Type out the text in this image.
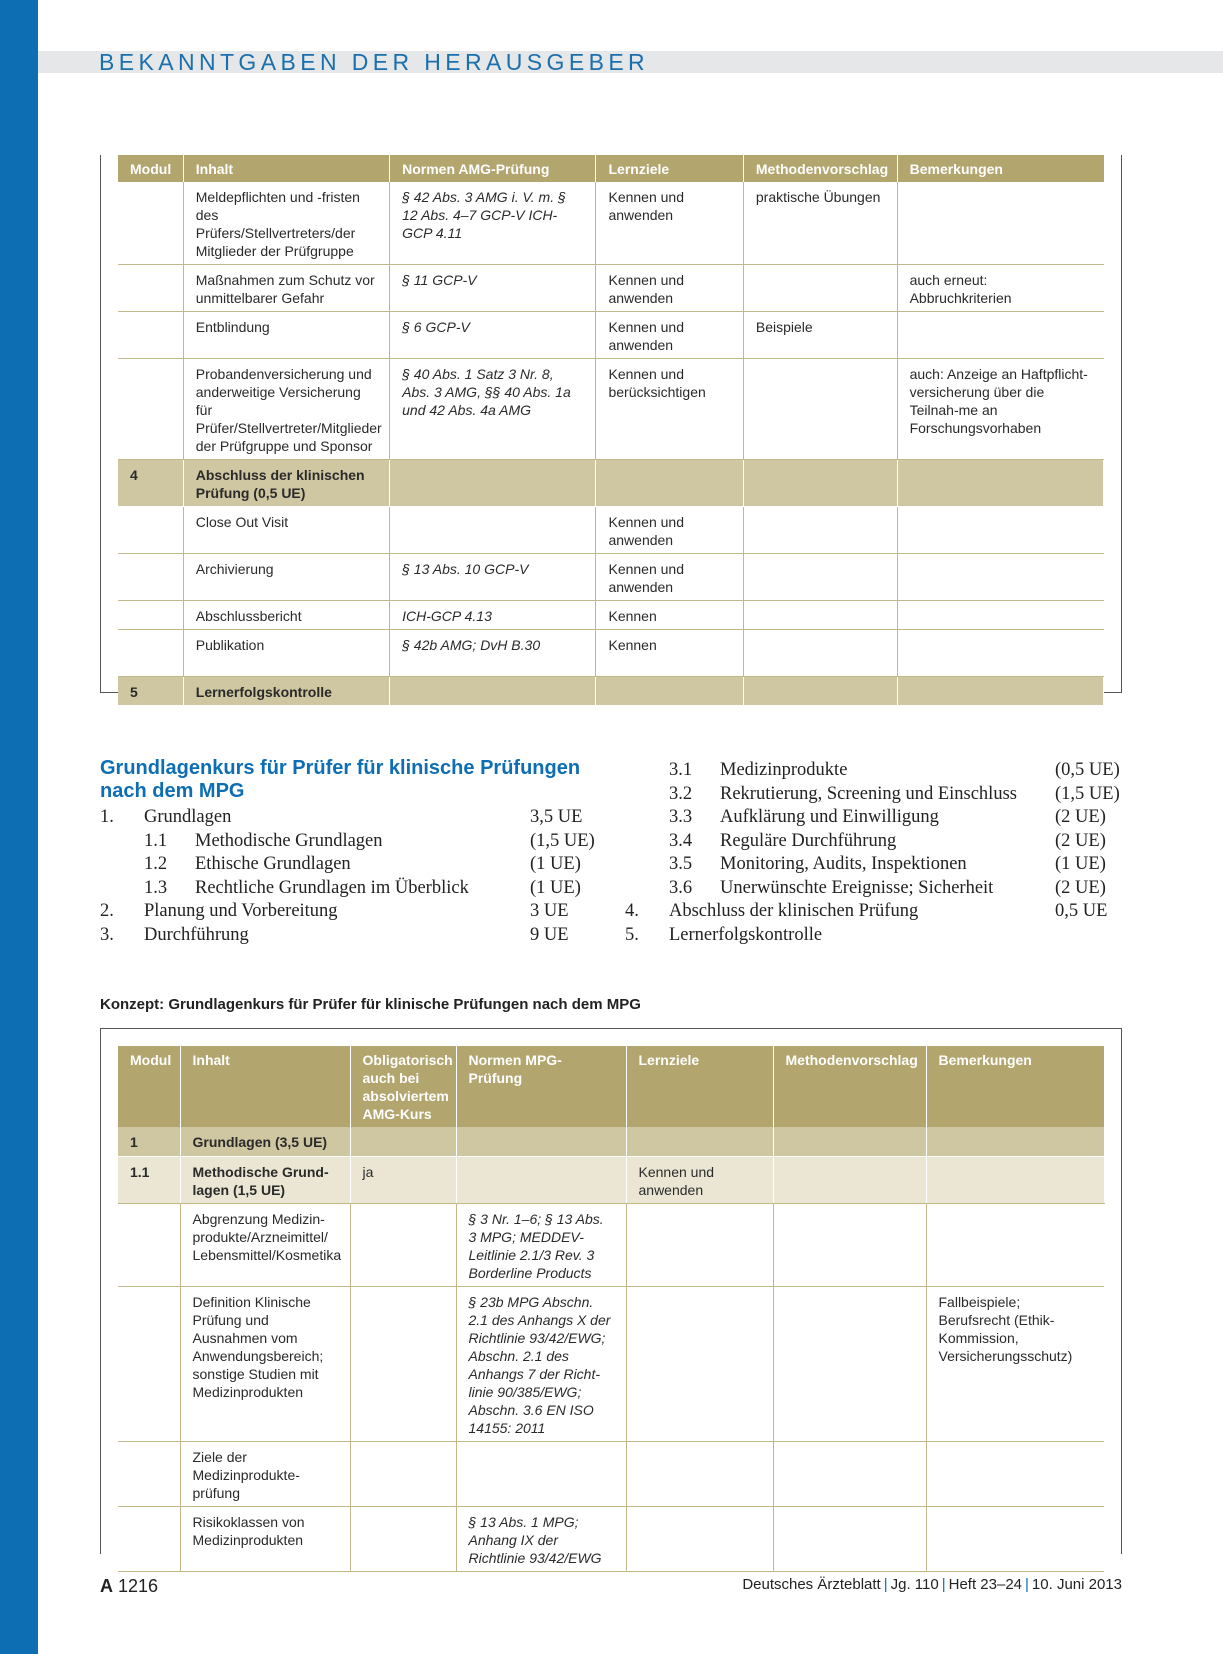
BEKANNTGABEN DER HERAUSGEBER
Modul	Inhalt	Normen AMG-Prüfung	Lernziele	Methodenvorschlag	Bemerkungen
	Meldepflichten und -fristen des Prüfers/Stellvertreters/der Mitglieder der Prüfgruppe	§ 42 Abs. 3 AMG i. V. m. § 12 Abs. 4–7 GCP-V ICH-GCP 4.11	Kennen und anwenden	praktische Übungen	
	Maßnahmen zum Schutz vor unmittelbarer Gefahr	§ 11 GCP-V	Kennen und anwenden		auch erneut: Abbruchkriterien
	Entblindung	§ 6 GCP-V	Kennen und anwenden	Beispiele	
	Probandenversicherung und anderweitige Versicherung für Prüfer/Stellvertreter/Mitglieder der Prüfgruppe und Sponsor	§ 40 Abs. 1 Satz 3 Nr. 8, Abs. 3 AMG, §§ 40 Abs. 1a und 42 Abs. 4a AMG	Kennen und berücksichtigen		auch: Anzeige an Haftpflicht-versicherung über die Teilnah-me an Forschungsvorhaben
4	Abschluss der klinischen Prüfung (0,5 UE)				
	Close Out Visit		Kennen und anwenden		
	Archivierung	§ 13 Abs. 10 GCP-V	Kennen und anwenden		
	Abschlussbericht	ICH-GCP 4.13	Kennen		
	Publikation	§ 42b AMG; DvH B.30	Kennen		
5	Lernerfolgskontrolle				
Grundlagenkurs für Prüfer für klinische Prüfungen
nach dem MPG
1. Grundlagen	3,5 UE
1.1 Methodische Grundlagen	(1,5 UE)
1.2 Ethische Grundlagen	(1 UE)
1.3 Rechtliche Grundlagen im Überblick	(1 UE)
2. Planung und Vorbereitung	3 UE
3. Durchführung	9 UE
3.1 Medizinprodukte	(0,5 UE)
3.2 Rekrutierung, Screening und Einschluss (1,5 UE)
3.3 Aufklärung und Einwilligung	(2 UE)
3.4 Reguläre Durchführung	(2 UE)
3.5 Monitoring, Audits, Inspektionen	(1 UE)
3.6 Unerwünschte Ereignisse; Sicherheit	(2 UE)
4. Abschluss der klinischen Prüfung	0,5 UE
5. Lernerfolgskontrolle
Konzept: Grundlagenkurs für Prüfer für klinische Prüfungen nach dem MPG
Modul	Inhalt	Obligatorisch auch bei absolviertem AMG-Kurs	Normen MPG-Prüfung	Lernziele	Methodenvorschlag	Bemerkungen
1	Grundlagen (3,5 UE)					
1.1	Methodische Grund-lagen (1,5 UE)	ja		Kennen und anwenden		
	Abgrenzung Medizin-produkte/Arzneimittel/ Lebensmittel/Kosmetika		§ 3 Nr. 1–6; § 13 Abs. 3 MPG; MEDDEV-Leitlinie 2.1/3 Rev. 3 Borderline Products			
	Definition Klinische Prüfung und Ausnahmen vom Anwendungsbereich; sonstige Studien mit Medizinprodukten		§ 23b MPG Abschn. 2.1 des Anhangs X der Richtlinie 93/42/EWG; Abschn. 2.1 des Anhangs 7 der Richt-linie 90/385/EWG; Abschn. 3.6 EN ISO 14155: 2011			Fallbeispiele; Berufsrecht (Ethik-Kommission, Versicherungsschutz)
	Ziele der Medizinprodukte-prüfung					
	Risikoklassen von Medizinprodukten		§ 13 Abs. 1 MPG; Anhang IX der Richtlinie 93/42/EWG			
A 1216	Deutsches Ärzteblatt | Jg. 110 | Heft 23–24 | 10. Juni 2013
